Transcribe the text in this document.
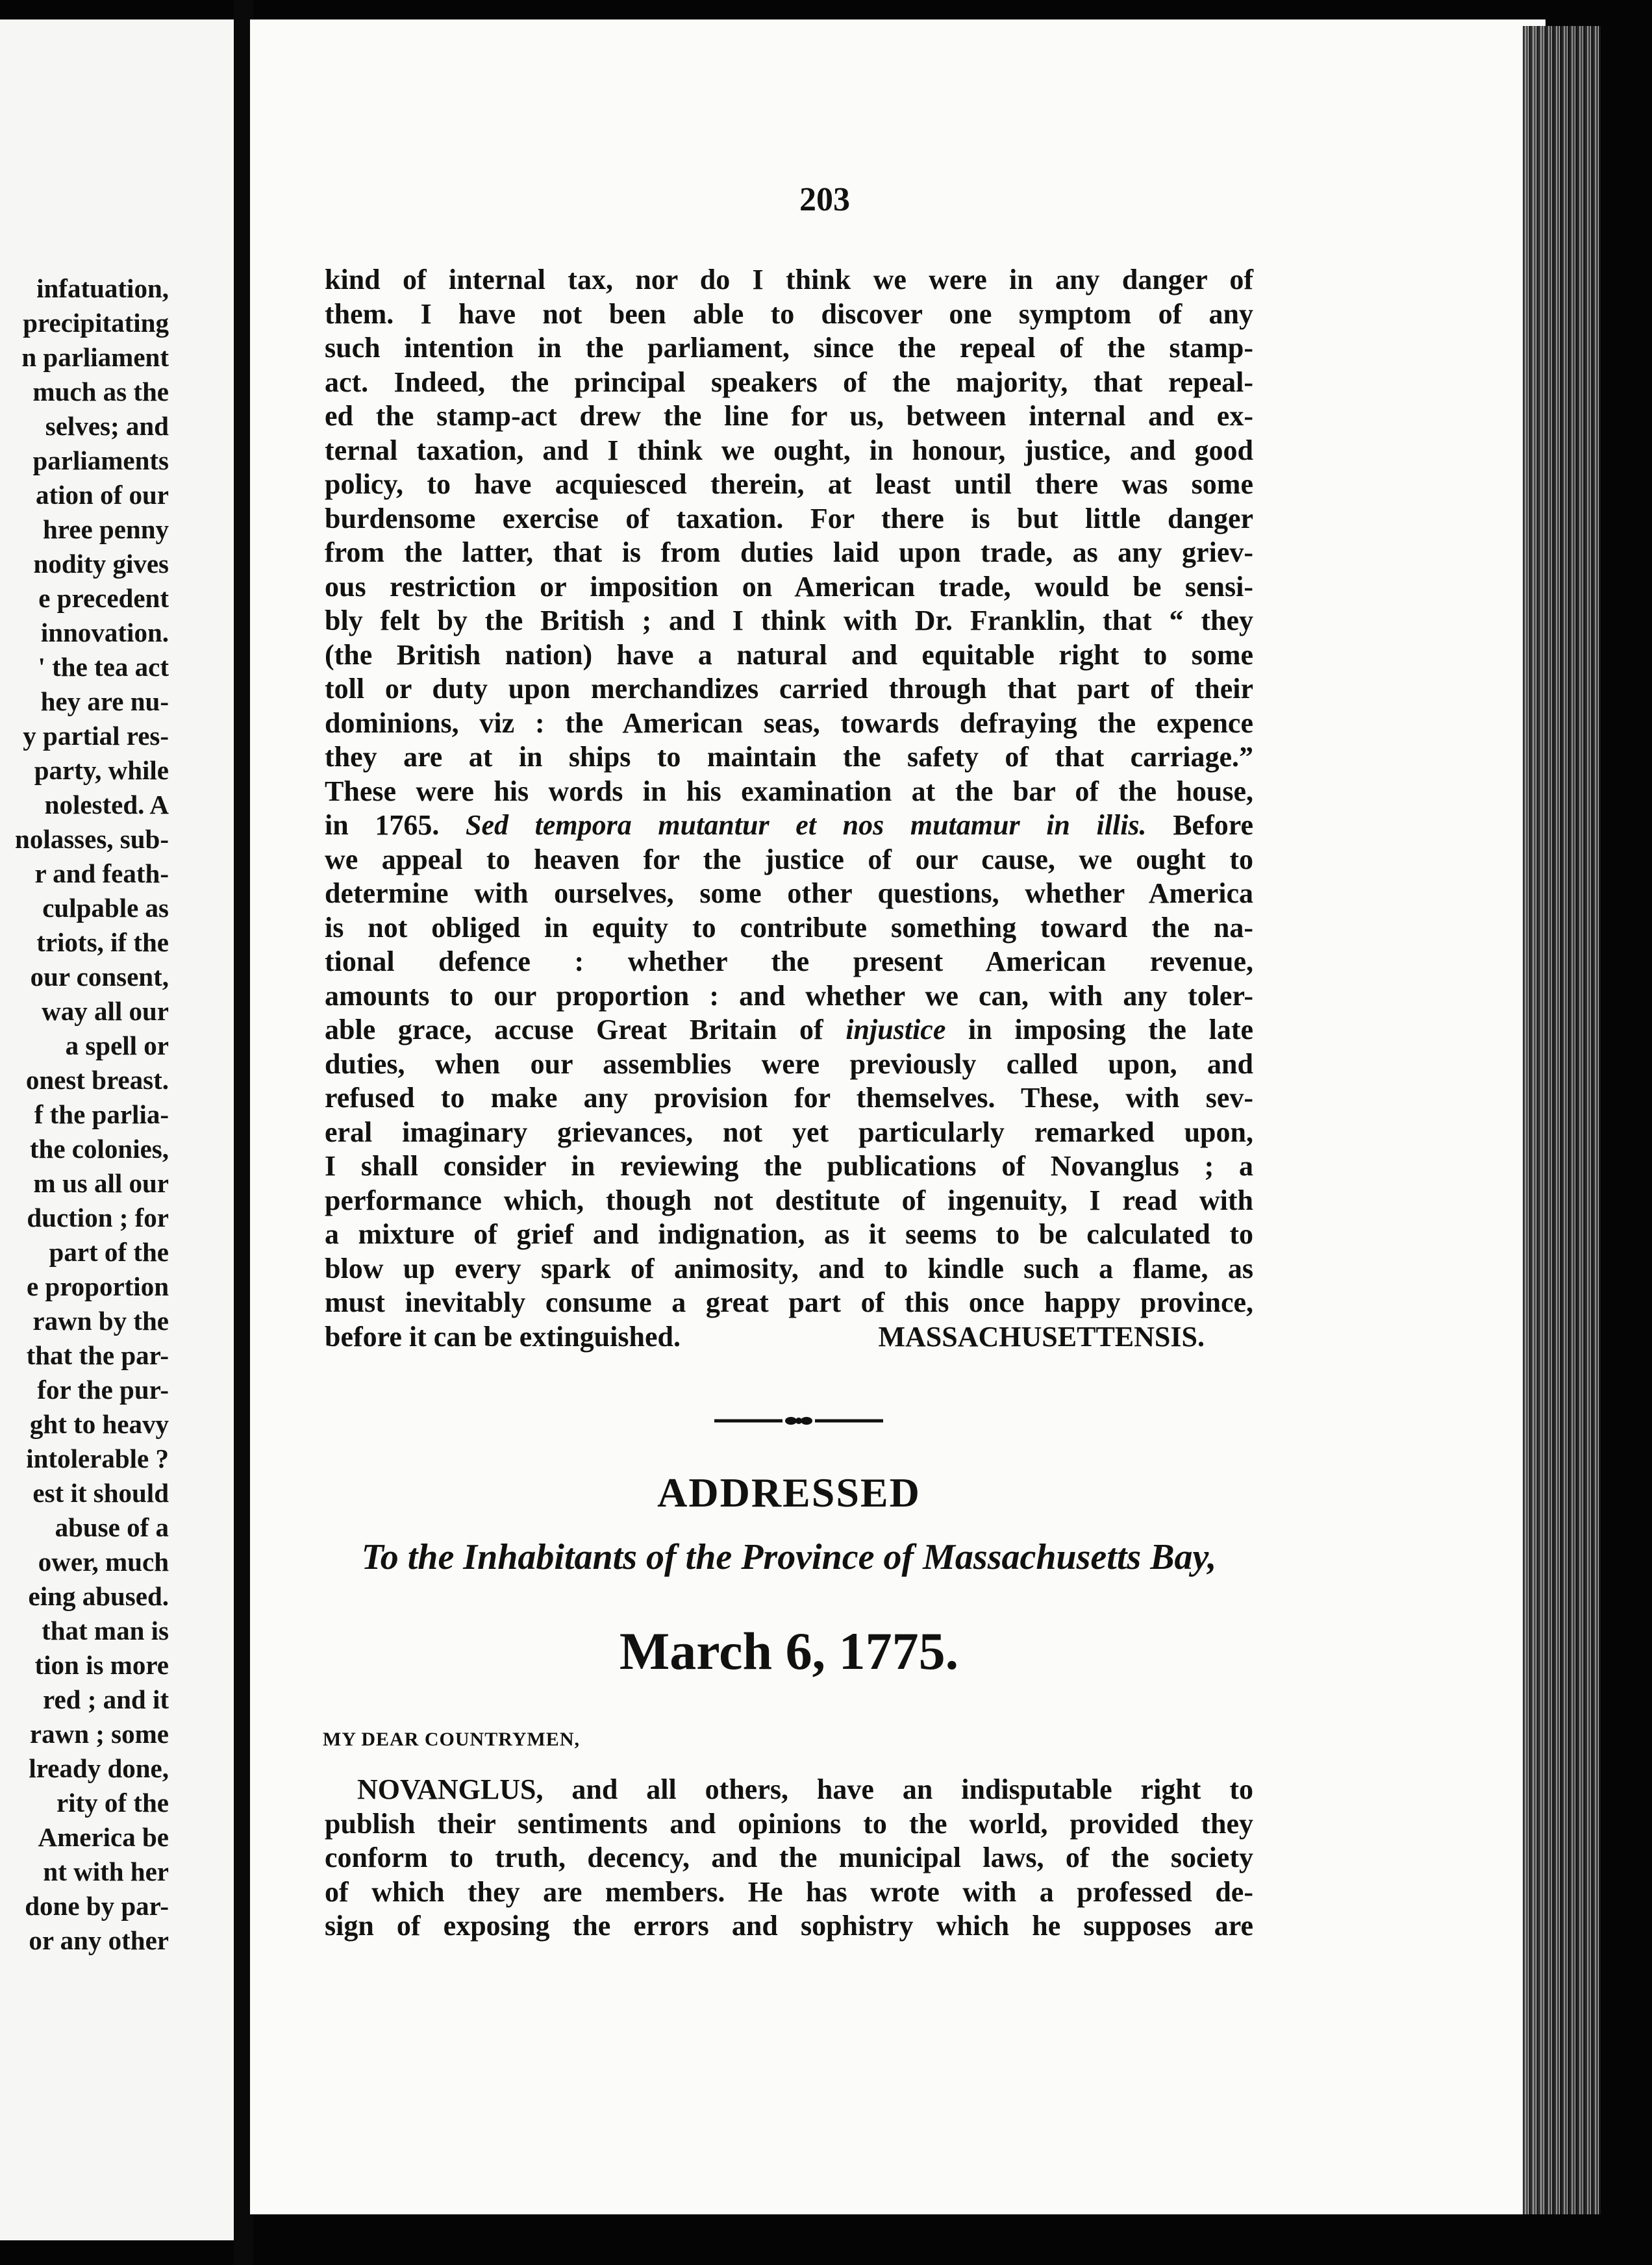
infatuation,
precipitating
n parliament
much as the
selves; and
parliaments
ation of our
hree penny
nodity gives
e precedent
innovation.
' the tea act
hey are nu-
y partial res-
party, while
nolested. A
nolasses, sub-
r and feath-
culpable as
triots, if the
our consent,
way all our
a spell or
onest breast.
f the parlia-
the colonies,
m us all our
duction ; for
part of the
e proportion
rawn by the
that the par-
for the pur-
ght to heavy
intolerable ?
est it should
abuse of a
ower, much
eing abused.
that man is
tion is more
red ; and it
rawn ; some
lready done,
rity of the
America be
nt with her
done by par-
or any other
203
kind of internal tax, nor do I think we were in any danger of
them. I have not been able to discover one symptom of any
such intention in the parliament, since the repeal of the stamp-
act. Indeed, the principal speakers of the majority, that repeal-
ed the stamp-act drew the line for us, between internal and ex-
ternal taxation, and I think we ought, in honour, justice, and good
policy, to have acquiesced therein, at least until there was some
burdensome exercise of taxation. For there is but little danger
from the latter, that is from duties laid upon trade, as any griev-
ous restriction or imposition on American trade, would be sensi-
bly felt by the British ; and I think with Dr. Franklin, that “ they
(the British nation) have a natural and equitable right to some
toll or duty upon merchandizes carried through that part of their
dominions, viz : the American seas, towards defraying the expence
they are at in ships to maintain the safety of that carriage.”
These were his words in his examination at the bar of the house,
in 1765. Sed tempora mutantur et nos mutamur in illis. Before
we appeal to heaven for the justice of our cause, we ought to
determine with ourselves, some other questions, whether America
is not obliged in equity to contribute something toward the na-
tional defence : whether the present American revenue,
amounts to our proportion : and whether we can, with any toler-
able grace, accuse Great Britain of injustice in imposing the late
duties, when our assemblies were previously called upon, and
refused to make any provision for themselves. These, with sev-
eral imaginary grievances, not yet particularly remarked upon,
I shall consider in reviewing the publications of Novanglus ; a
performance which, though not destitute of ingenuity, I read with
a mixture of grief and indignation, as it seems to be calculated to
blow up every spark of animosity, and to kindle such a flame, as
must inevitably consume a great part of this once happy province,
before it can be extinguished.	MASSACHUSETTENSIS.
ADDRESSED
To the Inhabitants of the Province of Massachusetts Bay,
March 6, 1775.
MY DEAR COUNTRYMEN,
NOVANGLUS, and all others, have an indisputable right to
publish their sentiments and opinions to the world, provided they
conform to truth, decency, and the municipal laws, of the society
of which they are members. He has wrote with a professed de-
sign of exposing the errors and sophistry which he supposes are
